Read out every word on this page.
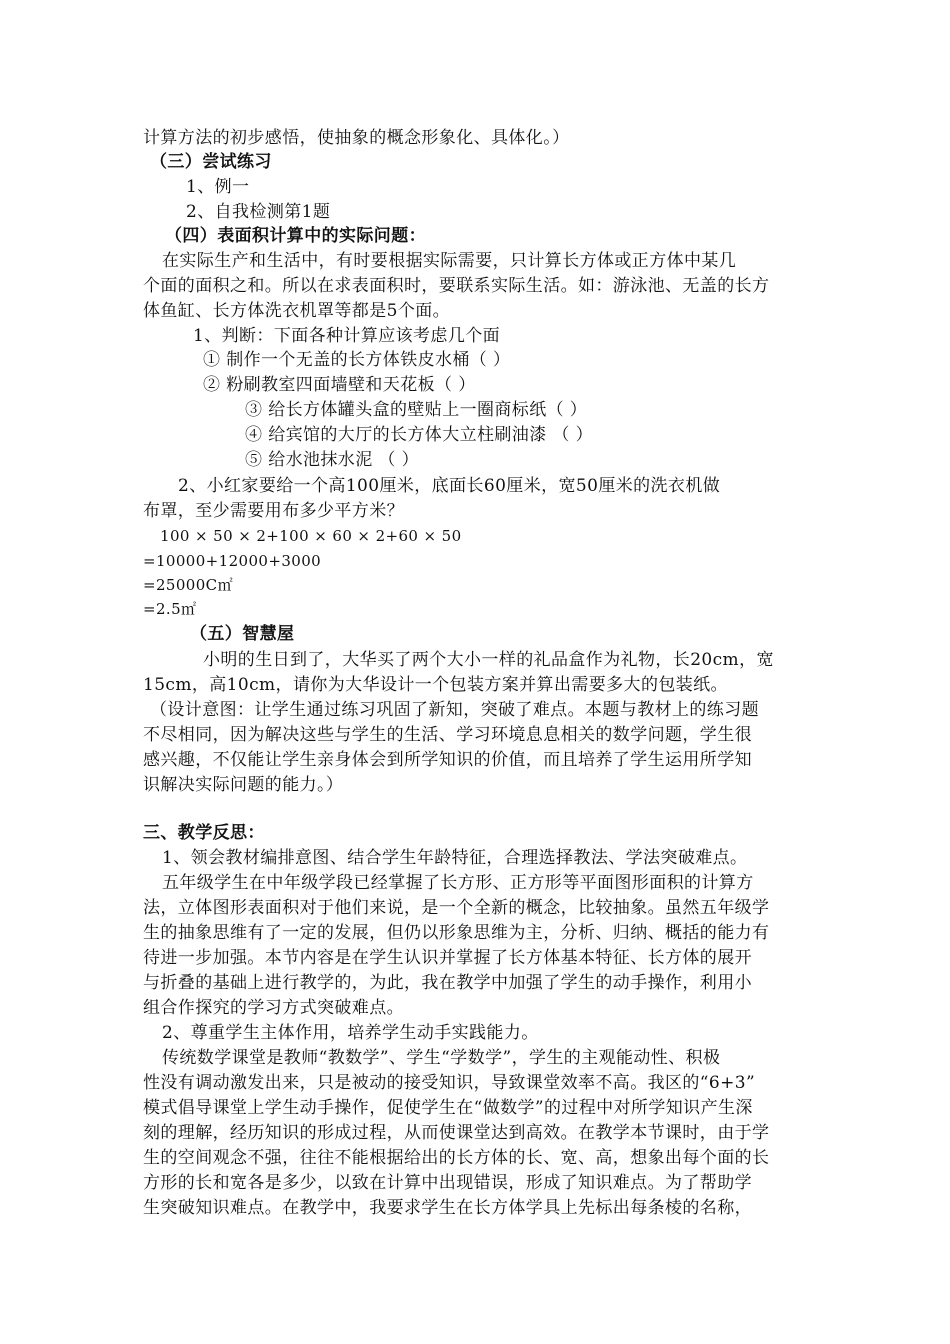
计算方法的初步感悟，使抽象的概念形象化、具体化。）
（三）尝试练习
1、例一
2、自我检测第1题
（四）表面积计算中的实际问题：
在实际生产和生活中，有时要根据实际需要，只计算长方体或正方体中某几
个面的面积之和。所以在求表面积时，要联系实际生活。如：游泳池、无盖的长方
体鱼缸、长方体洗衣机罩等都是5个面。
1、判断：下面各种计算应该考虑几个面
① 制作一个无盖的长方体铁皮水桶（ ）
② 粉刷教室四面墙壁和天花板（ ）
③ 给长方体罐头盒的壁贴上一圈商标纸（ ）
④ 给宾馆的大厅的长方体大立柱刷油漆 （ ）
⑤ 给水池抹水泥 （ ）
2、小红家要给一个高100厘米，底面长60厘米，宽50厘米的洗衣机做
布罩，至少需要用布多少平方米？
100 × 50 × 2+100 × 60 × 2+60 × 50
=10000+12000+3000
=25000C㎡
=2.5㎡
（五）智慧屋
小明的生日到了，大华买了两个大小一样的礼品盒作为礼物，长20cm，宽
15cm，高10cm，请你为大华设计一个包装方案并算出需要多大的包装纸。
（设计意图：让学生通过练习巩固了新知，突破了难点。本题与教材上的练习题
不尽相同，因为解决这些与学生的生活、学习环境息息相关的数学问题，学生很
感兴趣，不仅能让学生亲身体会到所学知识的价值，而且培养了学生运用所学知
识解决实际问题的能力。）
三、教学反思：
1、领会教材编排意图、结合学生年龄特征，合理选择教法、学法突破难点。
五年级学生在中年级学段已经掌握了长方形、正方形等平面图形面积的计算方
法，立体图形表面积对于他们来说，是一个全新的概念，比较抽象。虽然五年级学
生的抽象思维有了一定的发展，但仍以形象思维为主，分析、归纳、概括的能力有
待进一步加强。本节内容是在学生认识并掌握了长方体基本特征、长方体的展开
与折叠的基础上进行教学的，为此，我在教学中加强了学生的动手操作，利用小
组合作探究的学习方式突破难点。
2、尊重学生主体作用，培养学生动手实践能力。
传统数学课堂是教师“教数学”、学生“学数学”，学生的主观能动性、积极
性没有调动激发出来，只是被动的接受知识，导致课堂效率不高。我区的“6+3”
模式倡导课堂上学生动手操作，促使学生在“做数学”的过程中对所学知识产生深
刻的理解，经历知识的形成过程，从而使课堂达到高效。在教学本节课时，由于学
生的空间观念不强，往往不能根据给出的长方体的长、宽、高，想象出每个面的长
方形的长和宽各是多少，以致在计算中出现错误，形成了知识难点。为了帮助学
生突破知识难点。在教学中，我要求学生在长方体学具上先标出每条棱的名称，
